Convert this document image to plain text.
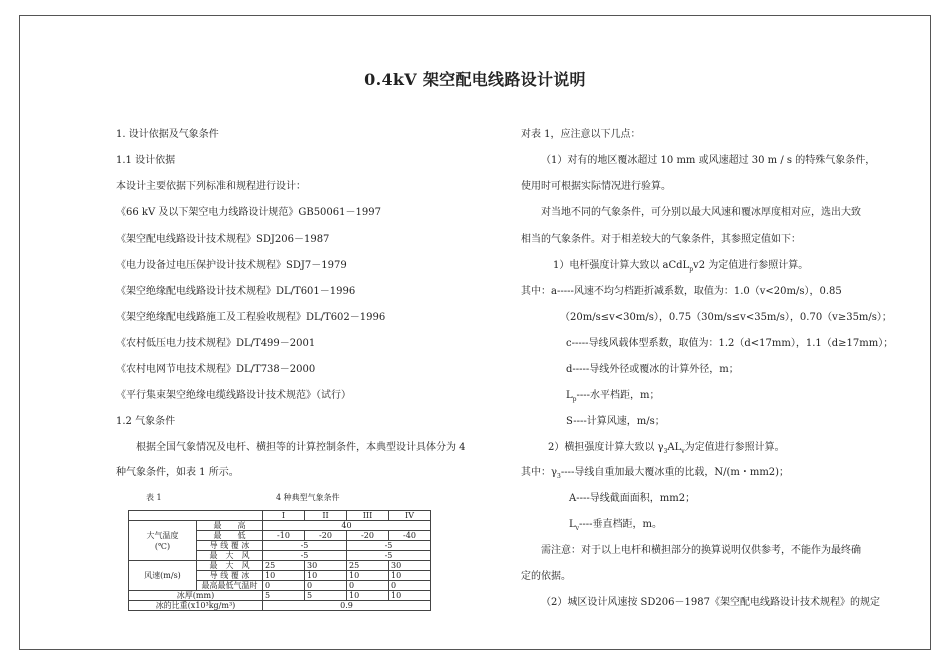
0.4kV 架空配电线路设计说明
1. 设计依据及气象条件
1.1 设计依据
本设计主要依据下列标准和规程进行设计：
《66 kV 及以下架空电力线路设计规范》GB50061－1997
《架空配电线路设计技术规程》SDJ206－1987
《电力设备过电压保护设计技术规程》SDJ7－1979
《架空绝缘配电线路设计技术规程》DL/T601－1996
《架空绝缘配电线路施工及工程验收规程》DL/T602－1996
《农村低压电力技术规程》DL/T499－2001
《农村电网节电技术规程》DL/T738－2000
《平行集束架空绝缘电缆线路设计技术规范》（试行）
1.2 气象条件
根据全国气象情况及电杆、横担等的计算控制条件，本典型设计具体分为 4
种气象条件，如表 1 所示。
表 1	4 种典型气象条件
		I	II	III	IV

大气温度
(℃)	最　　高	40			
	最　　低	-10	-20	-20	-40
	导 线 覆 冰	-5		-5	
	最　大　风	-5		-5	
风速(m/s)	最　大　风	25	30	25	30
	导 线 覆 冰	10	10	10	10
	最高最低气温时	0	0	0	0
冰厚(mm)		5	5	10	10
冰的比重(x10³kg/m³)		0.9			
对表 1，应注意以下几点：
（1）对有的地区覆冰超过 10 mm 或风速超过 30 m / s 的特殊气象条件，
使用时可根据实际情况进行验算。
对当地不同的气象条件，可分别以最大风速和覆冰厚度相对应，选出大致
相当的气象条件。对于相差较大的气象条件，其参照定值如下：
1）电杆强度计算大致以 aCdL$_p$v2 为定值进行参照计算。
其中：a-----风速不均匀档距折减系数，取值为：1.0（v<20m/s），0.85
（20m/s≤v<30m/s），0.75（30m/s≤v<35m/s），0.70（v≥35m/s）；
c-----导线风载体型系数，取值为：1.2（d<17mm），1.1（d≥17mm）；
d-----导线外径或覆冰的计算外径，m；
$L_p----$水平档距，m；
S----计算风速，m/s；
2）横担强度计算大致以 $\gamma_3AL_v$为定值进行参照计算。
其中：$\gamma_3----$导线自重加最大覆冰重的比载，N/(m・mm2)；
A----导线截面面积，mm2；
$L_v----$垂直档距，m。
需注意：对于以上电杆和横担部分的换算说明仅供参考，不能作为最终确
定的依据。
（2）城区设计风速按 SD206－1987《架空配电线路设计技术规程》的规定
